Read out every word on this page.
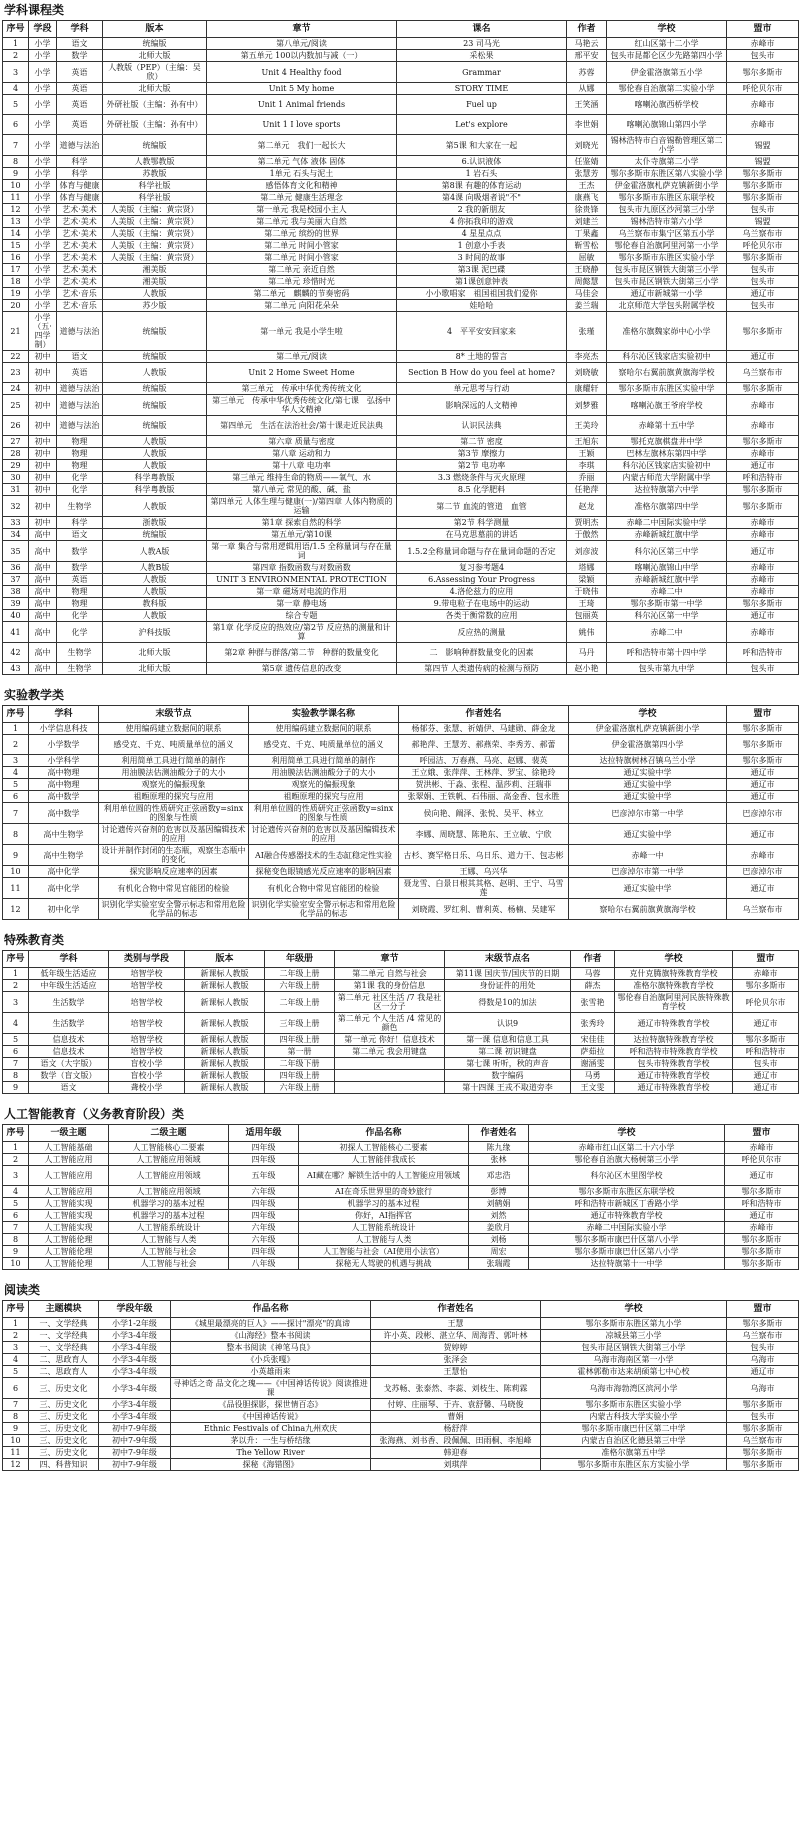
学科课程类
序号	学段	学科	版本	章节	课名	作者	学校	盟市
1	小学	语文	统编版	第八单元/阅读	23 司马光	马艳云	红山区第十二小学	赤峰市
2	小学	数学	北师大版	第五单元 100以内数加与减（一）	采松果	邢平安	包头市昆都仑区少先路第四小学	包头市
3	小学	英语	人教版（PEP）（主编：吴欣）	Unit 4 Healthy food	Grammar	苏蓉	伊金霍洛旗第五小学	鄂尔多斯市
4	小学	英语	北师大版	Unit 5 My home	STORY TIME	从娜	鄂伦春自治旗第二实验小学	呼伦贝尔市
5	小学	英语	外研社版（主编：孙有中）	Unit 1 Animal friends	Fuel up	王笑涵	喀喇沁旗西桥学校	赤峰市
6	小学	英语	外研社版（主编：孙有中）	Unit 1 I love sports	Let's explore	李世娟	喀喇沁旗锦山第四小学	赤峰市
7	小学	道德与法治	统编版	第二单元　我们一起长大	第5课 和大家在一起	刘晓光	锡林浩特市白音锡勒管理区第二小学	锡盟
8	小学	科学	人教鄂教版	第二单元 气体 液体 固体	6.认识液体	任鉴婧	太仆寺旗第二小学	锡盟
9	小学	科学	苏教版	1单元 石头与泥土	1 岩石头	张慧芳	鄂尔多斯市东胜区第八实验小学	鄂尔多斯市
10	小学	体育与健康	科学社版	感悟体育文化和精神	第8课 有趣的体育运动	王杰	伊金霍洛旗札萨克镇新街小学	鄂尔多斯市
11	小学	体育与健康	科学社版	第二单元 健康生活理念	第4课 向吸烟者说"不"	康燕飞	鄂尔多斯市东胜区东联学校	鄂尔多斯市
12	小学	艺术·美术	人美版（主编：黄宗贤）	第一单元 我是校园小主人	2 我的新朋友	徐贵锋	包头市九原区沙河第三小学	包头市
13	小学	艺术·美术	人美版（主编：黄宗贤）	第二单元 我与美丽大自然	4 你拓我印的游戏	刘建兰	锡林浩特市第六小学	锡盟
14	小学	艺术·美术	人美版（主编：黄宗贤）	第二单元 缤纷的世界	4 星星点点	丁果鑫	乌兰察布市集宁区第五小学	乌兰察布市
15	小学	艺术·美术	人美版（主编：黄宗贤）	第二单元 时间小管家	1 创意小手表	靳雪松	鄂伦春自治旗阿里河第一小学	呼伦贝尔市
16	小学	艺术·美术	人美版（主编：黄宗贤）	第二单元 时间小管家	3 时间的故事	屈敏	鄂尔多斯市东胜区实验小学	鄂尔多斯市
17	小学	艺术·美术	湘美版	第二单元 亲近自然	第3课 泥巴碟	王晓静	包头市昆区钢铁大街第三小学	包头市
18	小学	艺术·美术	湘美版	第二单元 珍惜时光	第1课创意钟表	周懿慧	包头市昆区钢铁大街第三小学	包头市
19	小学	艺术·音乐	人教版	第二单元　麒麟的节奏密码	小小歌唱家　祖国祖国我们爱你	马佳会	通辽市新城第一小学	通辽市
20	小学	艺术·音乐	苏少版	第二单元 向阳花朵朵	娃哈哈	姜兰瑞	北京师范大学包头附属学校	包头市
21	小学（五·四学制）	道德与法治	统编版	第一单元 我是小学生啦	4　平平安安回家来	张瑾	准格尔旗魏家峁中心小学	鄂尔多斯市
22	初中	语文	统编版	第二单元/阅读	8* 土地的誓言	李亮杰	科尔沁区钱家店实验初中	通辽市
23	初中	英语	人教版	Unit 2 Home Sweet Home	Section B How do you feel at home?	刘晓敏	察哈尔右翼前旗黄旗海学校	乌兰察布市
24	初中	道德与法治	统编版	第三单元　传承中华优秀传统文化	单元思考与行动	康耀轩	鄂尔多斯市东胜区实验中学	鄂尔多斯市
25	初中	道德与法治	统编版	第三单元　传承中华优秀传统文化/第七课　弘扬中华人文精神	影响深远的人文精神	刘梦雅	喀喇沁旗王爷府学校	赤峰市
26	初中	道德与法治	统编版	第四单元　生活在法治社会/第十课走近民法典	认识民法典	王美玲	赤峰第十五中学	赤峰市
27	初中	物理	人教版	第六章 质量与密度	第二节 密度	王旭东	鄂托克旗棋盘井中学	鄂尔多斯市
28	初中	物理	人教版	第八章 运动和力	第3节 摩擦力	王颖	巴林左旗林东第四中学	赤峰市
29	初中	物理	人教版	第十八章 电功率	第2节 电功率	李琪	科尔沁区钱家店实验初中	通辽市
30	初中	化学	科学粤教版	第三单元 维持生命的物质——氧气、水	3.3 燃烧条件与灭火原理	乔丽	内蒙古师范大学附属中学	呼和浩特市
31	初中	化学	科学粤教版	第八单元 常见的酸、碱、盐	8.5 化学肥料	任艳萍	达拉特旗第六中学	鄂尔多斯市
32	初中	生物学	人教版	第四单元 人体生理与健康(一)/第四章 人体内物质的运输	第二节 血流的管道　血管	赵龙	准格尔旗第四中学	鄂尔多斯市
33	初中	科学	浙教版	第1章 探索自然的科学	第2节 科学测量	贾明杰	赤峰二中国际实验中学	赤峰市
34	高中	语文	统编版	第五单元/第10课	在马克思墓前的讲话	于傲然	赤峰新城红旗中学	赤峰市
35	高中	数学	人教A版	第一章 集合与常用逻辑用语/1.5 全称量词与存在量词	1.5.2全称量词命题与存在量词命题的否定	刘彦波	科尔沁区第三中学	通辽市
36	高中	数学	人教B版	第四章 指数函数与对数函数	复习参考题4	塔娜	喀喇沁旗锦山中学	赤峰市
37	高中	英语	人教版	UNIT 3 ENVIRONMENTAL PROTECTION	6.Assessing Your Progress	梁颖	赤峰新城红旗中学	赤峰市
38	高中	物理	人教版	第一章 磁场对电流的作用	4.洛伦兹力的应用	于晓伟	赤峰二中	赤峰市
39	高中	物理	教科版	第一章 静电场	9.带电粒子在电场中的运动	王琦	鄂尔多斯市第一中学	鄂尔多斯市
40	高中	化学	人教版	综合专题	各类于衡常数的应用	包丽英	科尔沁区第一中学	通辽市
41	高中	化学	沪科技版	第1章 化学反应的热效应/第2节 反应热的测量和计算	反应热的测量	姚伟	赤峰二中	赤峰市
42	高中	生物学	北师大版	第2章 种群与群落/第二节　种群的数量变化	二　影响种群数量变化的因素	马丹	呼和浩特市第十四中学	呼和浩特市
43	高中	生物学	北师大版	第5章 遗传信息的改变	第四节 人类遗传病的检测与预防	赵小艳	包头市第九中学	包头市
实验教学类
序号	学科	末级节点	实验教学课名称	作者姓名	学校	盟市
1	小学信息科技	使用编码建立数据间的联系	使用编码建立数据间的联系	杨郁芬、张慧、祈婧伊、马建勋、薛金龙	伊金霍洛旗札萨克镇新街小学	鄂尔多斯市
2	小学数学	感受克、千克、吨质量单位的涵义	感受克、千克、吨质量单位的涵义	郝艳萍、王慧芳、郝燕荣、李秀芳、郝蕾	伊金霍洛旗第四小学	鄂尔多斯市
3	小学科学	利用简单工具进行简单的制作	利用简单工具进行简单的制作	呼园洁、万春燕、马亮、赵娜、裴英	达拉特旗树林召镇乌兰小学	鄂尔多斯市
4	高中物理	用油膜法估测油酸分子的大小	用油膜法估测油酸分子的大小	王立娥、张萍萍、王林萍、罗宝、徐艳玲	通辽实验中学	通辽市
5	高中物理	观察光的偏振现象	观察光的偏振现象	贺洪彬、于淼、张程、温莎莉、汪瑞菲	通辽实验中学	通辽市
6	高中数学	祖暅原理的探究与应用	祖暅原理的探究与应用	张翠娟、王铁帆、石伟丽、高金香、包永胜	通辽实验中学	通辽市
7	高中数学	利用单位圆的性质研究正弦函数y=sinx的图象与性质	利用单位圆的性质研究正弦函数y=sinx的图象与性质	侯向艳、阚泽、张悦、吴平、林立	巴彦淖尔市第一中学	巴彦淖尔市
8	高中生物学	讨论遗传兴奋剂的危害以及基因编辑技术的应用	讨论遗传兴奋剂的危害以及基因编辑技术的应用	李娜、周晓慧、陈艳东、王立敏、宁欣	通辽实验中学	通辽市
9	高中生物学	设计并制作封闭的生态瓶，观察生态瓶中的变化	AI融合传感器技术的生态缸稳定性实验	古杉、赛罕格日乐、乌日乐、道力干、包志彬	赤峰一中	赤峰市
10	高中化学	探究影响反应速率的因素	探秘变色眼镜感光反应速率的影响因素	王娜、乌兴华	巴彦淖尔市第一中学	巴彦淖尔市
11	高中化学	有机化合物中常见官能团的检验	有机化合物中常见官能团的检验	聂龙雪、白景日根其其格、赵明、王宁、马雪莲	通辽实验中学	通辽市
12	初中化学	识别化学实验室安全警示标志和常用危险化学品的标志	识别化学实验室安全警示标志和常用危险化学品的标志	刘晓霞、罗红利、曹利英、杨楠、吴建军	察哈尔右翼前旗黄旗海学校	乌兰察布市
特殊教育类
序号	学科	类别与学段	版本	年级册	章节	末级节点名	作者	学校	盟市
1	低年级生活适应	培智学校	新课标人教版	二年级上册	第二单元 自然与社会	第11课 国庆节/国庆节的日期	马蓉	克什克腾旗特殊教育学校	赤峰市
2	中年级生活适应	培智学校	新课标人教版	六年级上册	第1课 我的身份信息	身份证件的用处	薛杰	准格尔旗特殊教育学校	鄂尔多斯市
3	生活数学	培智学校	新课标人教版	二年级上册	第二单元 社区生活 /7 我是社区一分子	得数是10的加法	张雪艳	鄂伦春自治旗阿里河民族特殊教育学校	呼伦贝尔市
4	生活数学	培智学校	新课标人教版	三年级上册	第二单元 个人生活 /4 常见的颜色	认识9	张秀玲	通辽市特殊教育学校	通辽市
5	信息技术	培智学校	新课标人教版	四年级上册	第一单元 你好！信息技术	第一课 信息和信息工具	宋佳佳	达拉特旗特殊教育学校	鄂尔多斯市
6	信息技术	培智学校	新课标人教版	第一册	第二单元 我会用键盘	第二课 初识键盘	萨茹拉	呼和浩特市特殊教育学校	呼和浩特市
7	语文（大字版）	盲校小学	新课标人教版	二年级下册		第七课 听听，秋的声音	谢涵雯	包头市特殊教育学校	包头市
8	数学（盲文版）	盲校小学	新课标人教版	四年级上册		数字编码	马勇	通辽市特殊教育学校	通辽市
9	语文	聋校小学	新课标人教版	六年级上册		第十四课 王戎不取道旁李	王文雯	通辽市特殊教育学校	通辽市
人工智能教育（义务教育阶段）类
序号	一级主题	二级主题	适用年级	作品名称	作者姓名	学校	盟市
1	人工智能基础	人工智能核心二要素	四年级	初探人工智能核心二要素	陈九缘	赤峰市红山区第二十六小学	赤峰市
2	人工智能应用	人工智能应用领域	四年级	人工智能伴我成长	张林	鄂伦春自治旗大杨树第三小学	呼伦贝尔市
3	人工智能应用	人工智能应用领域	五年级	AI藏在哪？解锁生活中的人工智能应用领域	邓忠浩	科尔沁区木里图学校	通辽市
4	人工智能应用	人工智能应用领域	六年级	AI在奇乐世界里的奇妙旅行	彭博	鄂尔多斯市东胜区东联学校	鄂尔多斯市
5	人工智能实现	机器学习的基本过程	四年级	机器学习的基本过程	刘鹤娟	呼和浩特市新城区丁香路小学	呼和浩特市
6	人工智能实现	机器学习的基本过程	四年级	你好，AI指挥官	刘然	通辽市特殊教育学校	通辽市
7	人工智能实现	人工智能系统设计	六年级	人工智能系统设计	姜欣月	赤峰二中国际实验小学	赤峰市
8	人工智能伦理	人工智能与人类	六年级	人工智能与人类	刘杨	鄂尔多斯市康巴什区第八小学	鄂尔多斯市
9	人工智能伦理	人工智能与社会	四年级	人工智能与社会（AI使用小法官）	周宏	鄂尔多斯市康巴什区第八小学	鄂尔多斯市
10	人工智能伦理	人工智能与社会	八年级	探秘无人驾驶的机遇与挑战	张瑞霞	达拉特旗第十一中学	鄂尔多斯市
阅读类
序号	主题模块	学段年级	作品名称	作者姓名	学校	盟市
1	一、文学经典	小学1-2年级	《城里最漂亮的巨人》——探讨"漂亮"的真谛	王慧	鄂尔多斯市东胜区第九小学	鄂尔多斯市
2	一、文学经典	小学3-4年级	《山海经》整本书阅读	许小英、段彬、湛立华、周海青、郭叶林	凉城县第三小学	乌兰察布市
3	一、文学经典	小学3-4年级	整本书阅读《神笔马良》	贺婷婷	包头市昆区钢铁大街第三小学	包头市
4	二、思政育人	小学3-4年级	《小兵张嘎》	张泽会	乌海市海南区第一小学	乌海市
5	二、思政育人	小学3-4年级	小英雄雨来	王慧怡	霍林郭勒市达来胡硕第七中心校	通辽市
6	三、历史文化	小学3-4年级	寻神话之奇 品文化之瑰——《中国神话传说》阅读推进课	戈苏畅、张泰然、李蕊、刘枝生、陈莉霖	乌海市海勃湾区滨河小学	乌海市
7	三、历史文化	小学3-4年级	《品役胆探影，探世情百态》	付婷、庄丽琴、于卉、袁舒馨、马晓俊	鄂尔多斯市东胜区实验小学	鄂尔多斯市
8	三、历史文化	小学3-4年级	《中国神话传说》	曹娟	内蒙古科技大学实验小学	包头市
9	三、历史文化	初中7-9年级	Ethnic Festivals of China九州欢庆	杨舒萍	鄂尔多斯市康巴什区第二中学	鄂尔多斯市
10	三、历史文化	初中7-9年级	茅以升：一生与桥结缘	张海燕、刘书香、段佩佩、田雨桐、李旭峰	内蒙古自治区化德县第三中学	乌兰察布市
11	三、历史文化	初中7-9年级	The Yellow River	韩迎春	准格尔旗第五中学	鄂尔多斯市
12	四、科普知识	初中7-9年级	探秘《海错图》	刘琪萍	鄂尔多斯市东胜区东方实验小学	鄂尔多斯市
